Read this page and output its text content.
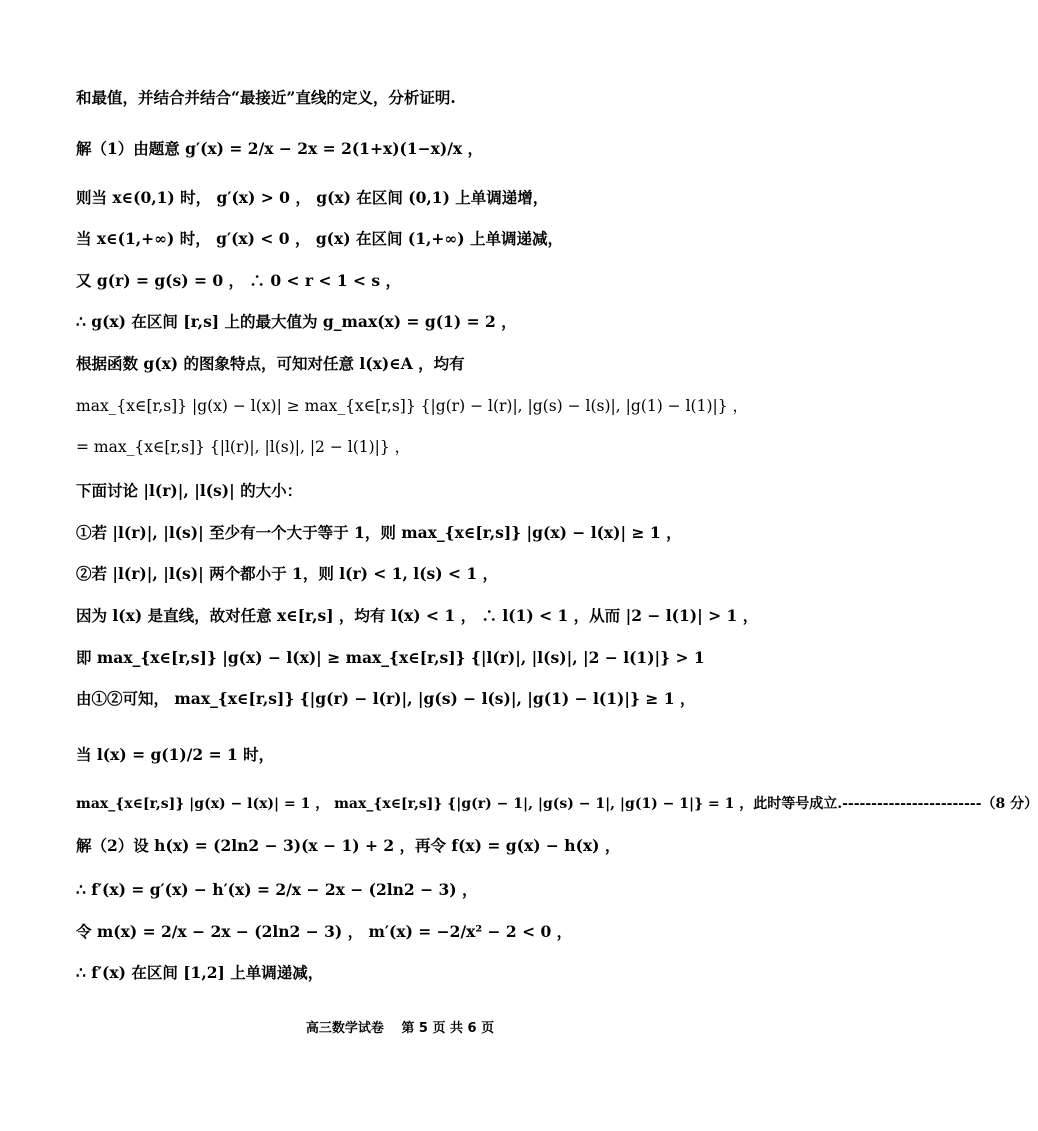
和最值，并结合并结合“最接近”直线的定义，分析证明.
解（1）由题意 g′(x) = 2/x − 2x = 2(1+x)(1−x)/x ，
则当 x∈(0,1) 时， g′(x) > 0 ， g(x) 在区间 (0,1) 上单调递增，
当 x∈(1,+∞) 时， g′(x) < 0 ， g(x) 在区间 (1,+∞) 上单调递减，
又 g(r) = g(s) = 0 ， ∴ 0 < r < 1 < s ，
∴ g(x) 在区间 [r,s] 上的最大值为 g_max(x) = g(1) = 2 ，
根据函数 g(x) 的图象特点，可知对任意 l(x)∈A ，均有
max_{x∈[r,s]} |g(x) − l(x)| ≥ max_{x∈[r,s]} {|g(r) − l(r)|, |g(s) − l(s)|, |g(1) − l(1)|} ，
= max_{x∈[r,s]} {|l(r)|, |l(s)|, |2 − l(1)|} ，
下面讨论 |l(r)|, |l(s)| 的大小：
①若 |l(r)|, |l(s)| 至少有一个大于等于 1，则 max_{x∈[r,s]} |g(x) − l(x)| ≥ 1 ，
②若 |l(r)|, |l(s)| 两个都小于 1，则 l(r) < 1, l(s) < 1 ，
因为 l(x) 是直线，故对任意 x∈[r,s] ，均有 l(x) < 1 ， ∴ l(1) < 1 ，从而 |2 − l(1)| > 1 ，
即 max_{x∈[r,s]} |g(x) − l(x)| ≥ max_{x∈[r,s]} {|l(r)|, |l(s)|, |2 − l(1)|} > 1
由①②可知， max_{x∈[r,s]} {|g(r) − l(r)|, |g(s) − l(s)|, |g(1) − l(1)|} ≥ 1 ，
当 l(x) = g(1)/2 = 1 时，
max_{x∈[r,s]} |g(x) − l(x)| = 1 ， max_{x∈[r,s]} {|g(r) − 1|, |g(s) − 1|, |g(1) − 1|} = 1 ，此时等号成立.------------------------（8 分）
解（2）设 h(x) = (2ln2 − 3)(x − 1) + 2 ，再令 f(x) = g(x) − h(x) ，
∴ f′(x) = g′(x) − h′(x) = 2/x − 2x − (2ln2 − 3) ，
令 m(x) = 2/x − 2x − (2ln2 − 3) ， m′(x) = −2/x² − 2 < 0 ，
∴ f′(x) 在区间 [1,2] 上单调递减，
高三数学试卷　 第 5 页 共 6 页
